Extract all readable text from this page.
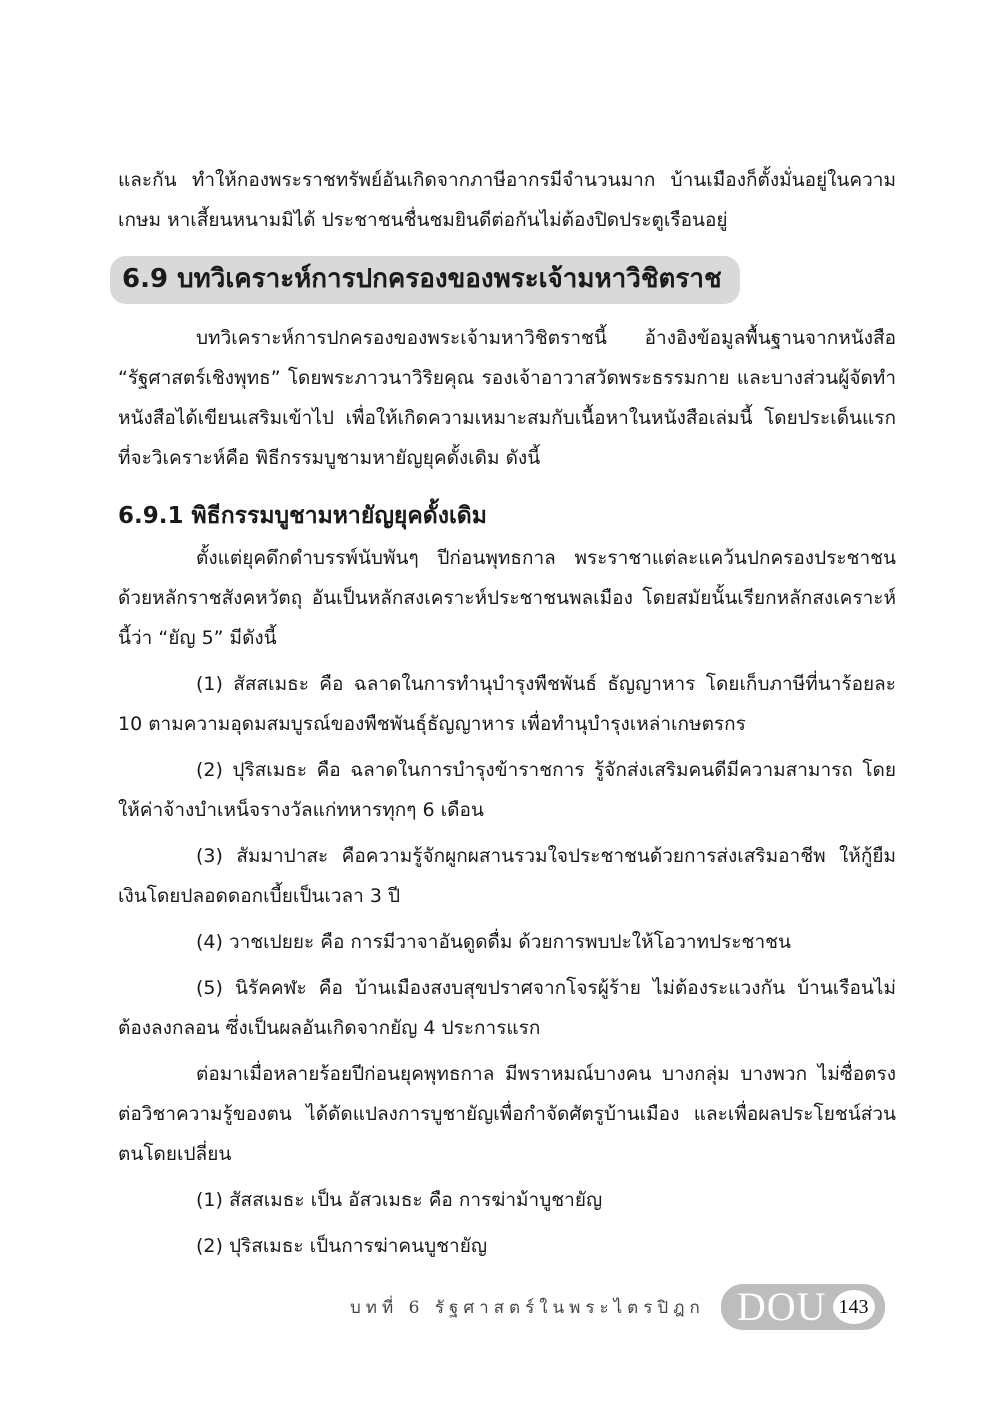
และกัน ทำให้กองพระราชทรัพย์อันเกิดจากภาษีอากรมีจำนวนมาก บ้านเมืองก็ตั้งมั่นอยู่ในความเกษม หาเสี้ยนหนามมิได้ ประชาชนชื่นชมยินดีต่อกันไม่ต้องปิดประตูเรือนอยู่

6.9 บทวิเคราะห์การปกครองของพระเจ้ามหาวิชิตราช

บทวิเคราะห์การปกครองของพระเจ้ามหาวิชิตราชนี้ อ้างอิงข้อมูลพื้นฐานจากหนังสือ “รัฐศาสตร์เชิงพุทธ” โดยพระภาวนาวิริยคุณ รองเจ้าอาวาสวัดพระธรรมกาย และบางส่วนผู้จัดทำหนังสือได้เขียนเสริมเข้าไป เพื่อให้เกิดความเหมาะสมกับเนื้อหาในหนังสือเล่มนี้ โดยประเด็นแรกที่จะวิเคราะห์คือ พิธีกรรมบูชามหายัญยุคดั้งเดิม ดังนี้

6.9.1 พิธีกรรมบูชามหายัญยุคดั้งเดิม

ตั้งแต่ยุคดึกดำบรรพ์นับพันๆ ปีก่อนพุทธกาล พระราชาแต่ละแคว้นปกครองประชาชนด้วยหลักราชสังคหวัตถุ อันเป็นหลักสงเคราะห์ประชาชนพลเมือง โดยสมัยนั้นเรียกหลักสงเคราะห์นี้ว่า “ยัญ 5” มีดังนี้

(1) สัสสเมธะ คือ ฉลาดในการทำนุบำรุงพืชพันธ์ ธัญญาหาร โดยเก็บภาษีที่นาร้อยละ 10 ตามความอุดมสมบูรณ์ของพืชพันธุ์ธัญญาหาร เพื่อทำนุบำรุงเหล่าเกษตรกร

(2) ปุริสเมธะ คือ ฉลาดในการบำรุงข้าราชการ รู้จักส่งเสริมคนดีมีความสามารถ โดยให้ค่าจ้างบำเหน็จรางวัลแก่ทหารทุกๆ 6 เดือน

(3) สัมมาปาสะ คือความรู้จักผูกผสานรวมใจประชาชนด้วยการส่งเสริมอาชีพ ให้กู้ยืมเงินโดยปลอดดอกเบี้ยเป็นเวลา 3 ปี

(4) วาชเปยยะ คือ การมีวาจาอันดูดดื่ม ด้วยการพบปะให้โอวาทประชาชน

(5) นิรัคคฬะ คือ บ้านเมืองสงบสุขปราศจากโจรผู้ร้าย ไม่ต้องระแวงกัน บ้านเรือนไม่ต้องลงกลอน ซึ่งเป็นผลอันเกิดจากยัญ 4 ประการแรก

ต่อมาเมื่อหลายร้อยปีก่อนยุคพุทธกาล มีพราหมณ์บางคน บางกลุ่ม บางพวก ไม่ซื่อตรงต่อวิชาความรู้ของตน ได้ดัดแปลงการบูชายัญเพื่อกำจัดศัตรูบ้านเมือง และเพื่อผลประโยชน์ส่วนตนโดยเปลี่ยน

(1) สัสสเมธะ เป็น อัสวเมธะ คือ การฆ่าม้าบูชายัญ

(2) ปุริสเมธะ เป็นการฆ่าคนบูชายัญ

บทที่ 6 รัฐศาสตร์ในพระไตรปิฎก DOU 143
